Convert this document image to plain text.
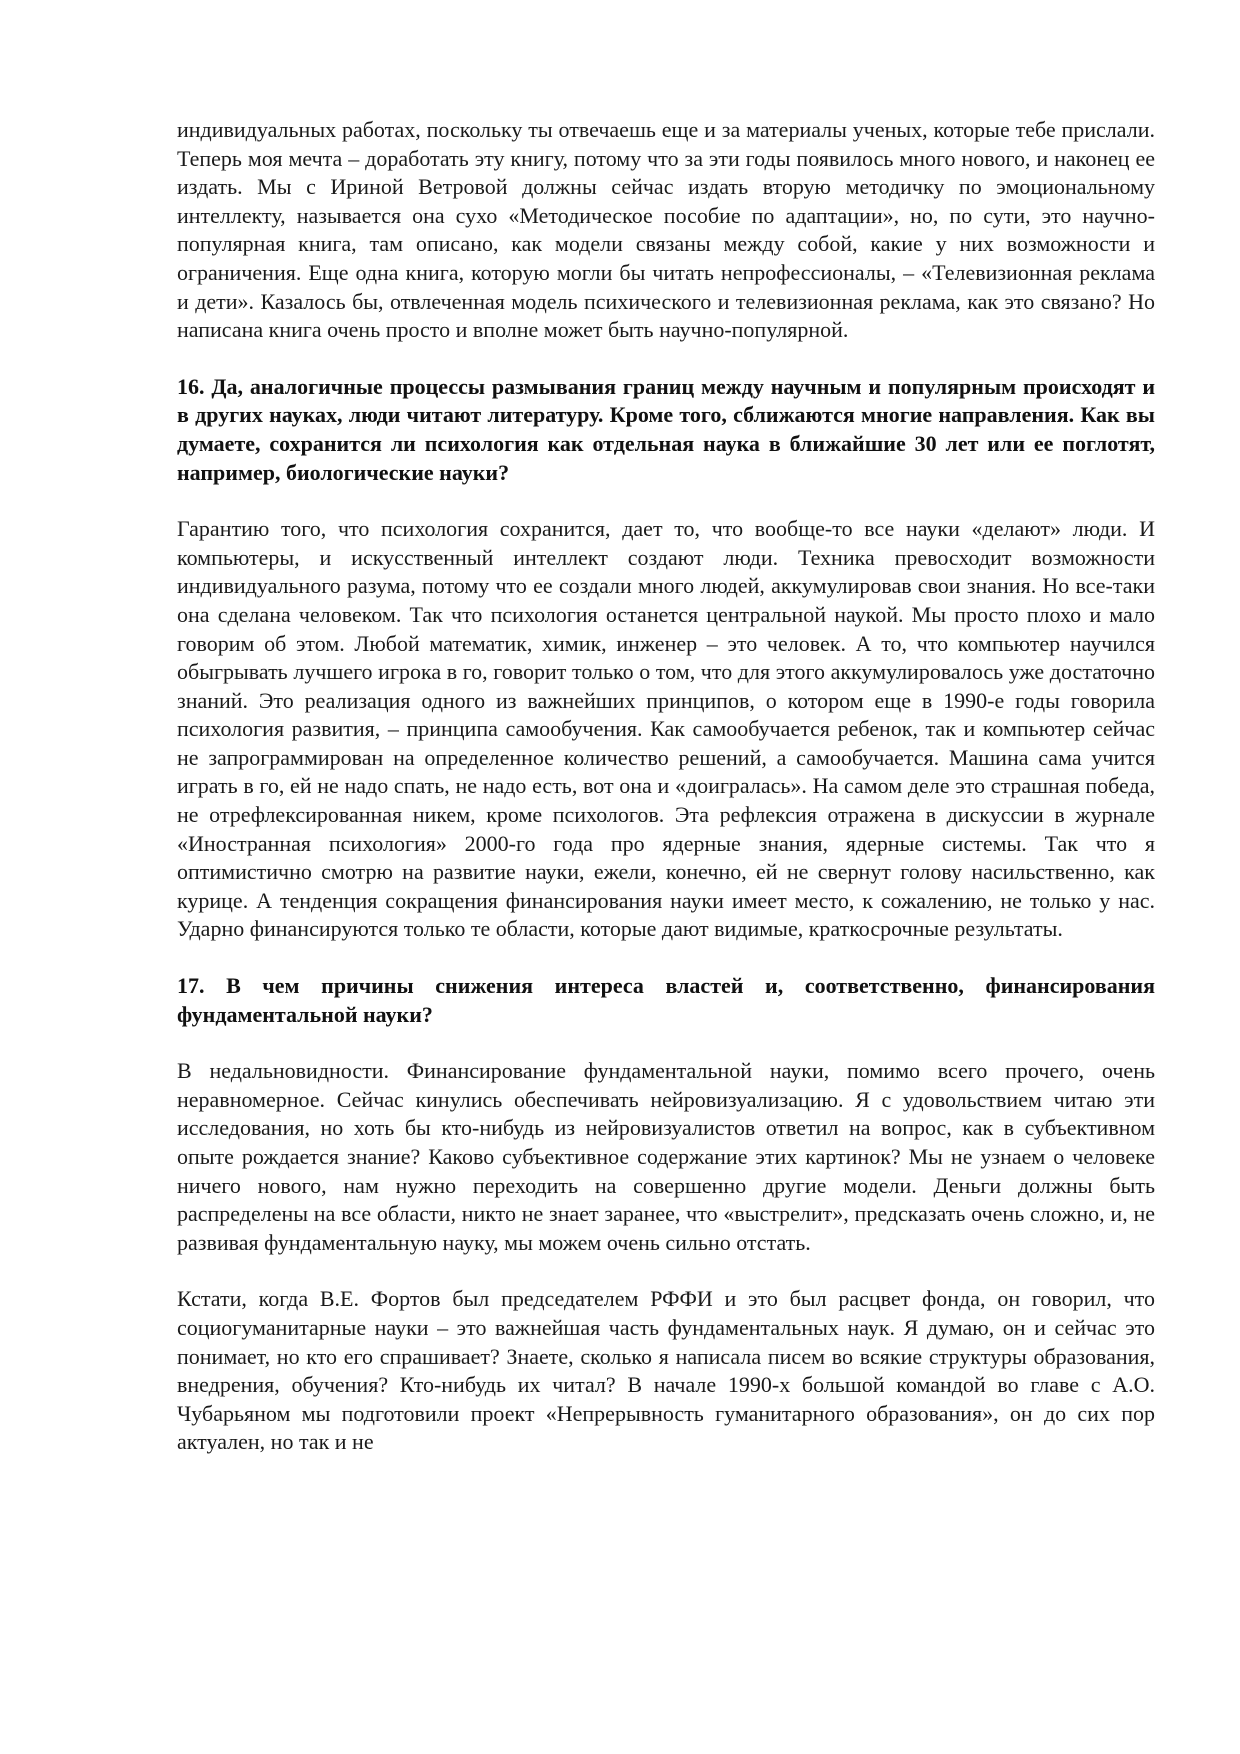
индивидуальных работах, поскольку ты отвечаешь еще и за материалы ученых, которые тебе прислали. Теперь моя мечта – доработать эту книгу, потому что за эти годы появилось много нового, и наконец ее издать. Мы с Ириной Ветровой должны сейчас издать вторую методичку по эмоциональному интеллекту, называется она сухо «Методическое пособие по адаптации», но, по сути, это научно-популярная книга, там описано, как модели связаны между собой, какие у них возможности и ограничения. Еще одна книга, которую могли бы читать непрофессионалы, – «Телевизионная реклама и дети». Казалось бы, отвлеченная модель психического и телевизионная реклама, как это связано? Но написана книга очень просто и вполне может быть научно-популярной.

16. Да, аналогичные процессы размывания границ между научным и популярным происходят и в других науках, люди читают литературу. Кроме того, сближаются многие направления. Как вы думаете, сохранится ли психология как отдельная наука в ближайшие 30 лет или ее поглотят, например, биологические науки?

Гарантию того, что психология сохранится, дает то, что вообще-то все науки «делают» люди. И компьютеры, и искусственный интеллект создают люди. Техника превосходит возможности индивидуального разума, потому что ее создали много людей, аккумулировав свои знания. Но все-таки она сделана человеком. Так что психология останется центральной наукой. Мы просто плохо и мало говорим об этом. Любой математик, химик, инженер – это человек. А то, что компьютер научился обыгрывать лучшего игрока в го, говорит только о том, что для этого аккумулировалось уже достаточно знаний. Это реализация одного из важнейших принципов, о котором еще в 1990-е годы говорила психология развития, – принципа самообучения. Как самообучается ребенок, так и компьютер сейчас не запрограммирован на определенное количество решений, а самообучается. Машина сама учится играть в го, ей не надо спать, не надо есть, вот она и «доигралась». На самом деле это страшная победа, не отрефлексированная никем, кроме психологов. Эта рефлексия отражена в дискуссии в журнале «Иностранная психология» 2000-го года про ядерные знания, ядерные системы. Так что я оптимистично смотрю на развитие науки, ежели, конечно, ей не свернут голову насильственно, как курице. А тенденция сокращения финансирования науки имеет место, к сожалению, не только у нас. Ударно финансируются только те области, которые дают видимые, краткосрочные результаты.

17. В чем причины снижения интереса властей и, соответственно, финансирования фундаментальной науки?

В недальновидности. Финансирование фундаментальной науки, помимо всего прочего, очень неравномерное. Сейчас кинулись обеспечивать нейровизуализацию. Я с удовольствием читаю эти исследования, но хоть бы кто-нибудь из нейровизуалистов ответил на вопрос, как в субъективном опыте рождается знание? Каково субъективное содержание этих картинок? Мы не узнаем о человеке ничего нового, нам нужно переходить на совершенно другие модели. Деньги должны быть распределены на все области, никто не знает заранее, что «выстрелит», предсказать очень сложно, и, не развивая фундаментальную науку, мы можем очень сильно отстать.

Кстати, когда В.Е. Фортов был председателем РФФИ и это был расцвет фонда, он говорил, что социогуманитарные науки – это важнейшая часть фундаментальных наук. Я думаю, он и сейчас это понимает, но кто его спрашивает? Знаете, сколько я написала писем во всякие структуры образования, внедрения, обучения? Кто-нибудь их читал? В начале 1990-х большой командой во главе с А.О. Чубарьяном мы подготовили проект «Непрерывность гуманитарного образования», он до сих пор актуален, но так и не
